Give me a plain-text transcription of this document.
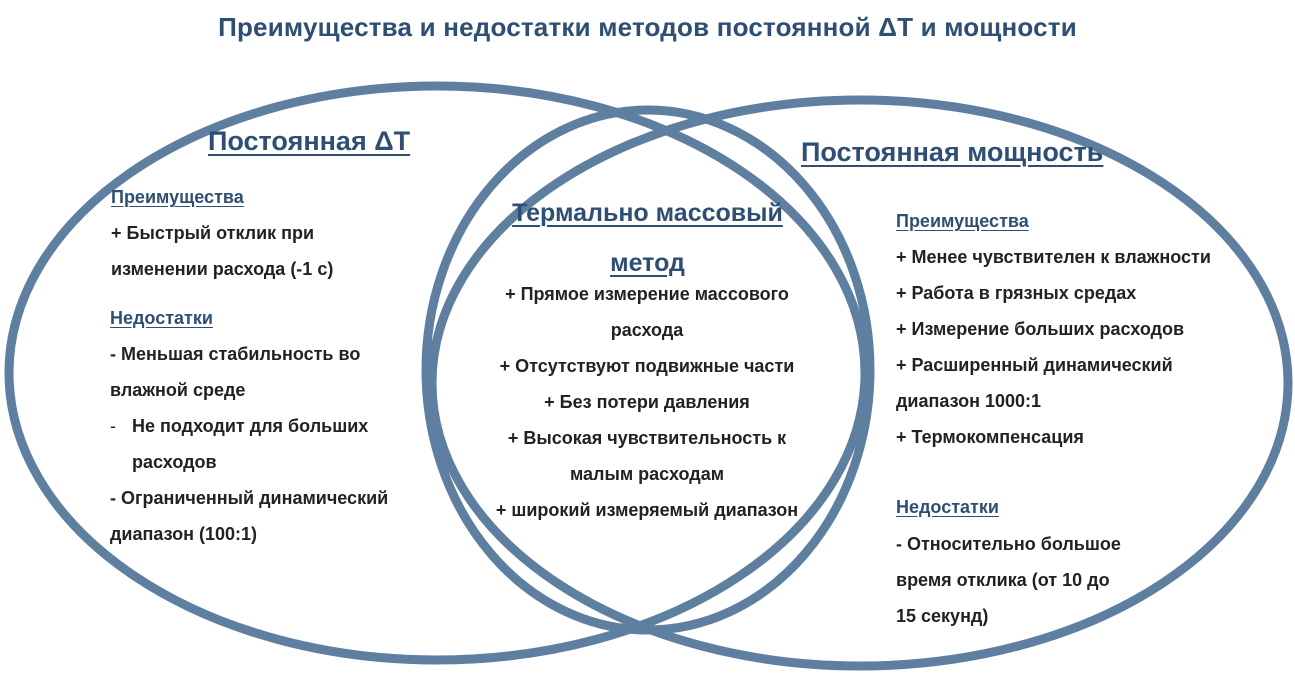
Преимущества и недостатки методов постоянной ΔT и мощности
Постоянная ΔT
Преимущества
+ Быстрый отклик при
изменении расхода (-1 с)
Недостатки
- Меньшая стабильность во
влажной среде
- Не подходит для больших
расходов
- Ограниченный динамический
диапазон (100:1)
Термально массовый метод
+ Прямое измерение массового
расхода
+ Отсутствуют подвижные части
+ Без потери давления
+ Высокая чувствительность к
малым расходам
+ широкий измеряемый диапазон
Постоянная мощность
Преимущества
+ Менее чувствителен к влажности
+ Работа в грязных средах
+ Измерение больших расходов
+ Расширенный динамический
диапазон 1000:1
+ Термокомпенсация
Недостатки
- Относительно большое
время отклика (от 10 до
15 секунд)
